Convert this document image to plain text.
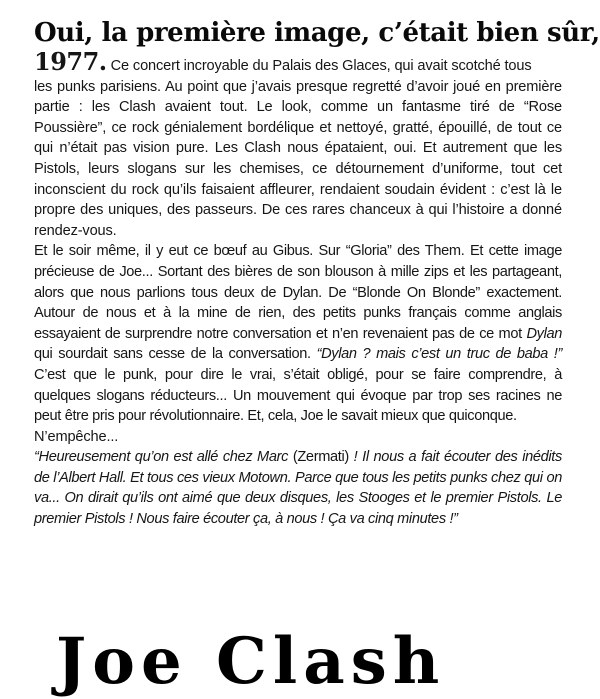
Oui, la première image, c’était bien sûr,

1977. Ce concert incroyable du Palais des Glaces, qui avait scotché tous

les punks parisiens. Au point que j’avais presque regretté d’avoir joué en première partie : les Clash avaient tout. Le look, comme un fantasme tiré de “Rose Poussière”, ce rock génialement bordélique et nettoyé, gratté, épouillé, de tout ce qui n’était pas vision pure. Les Clash nous épataient, oui. Et autrement que les Pistols, leurs slogans sur les chemises, ce détournement d’uniforme, tout cet inconscient du rock qu’ils faisaient affleurer, rendaient soudain évident : c’est là le propre des uniques, des passeurs. De ces rares chanceux à qui l’histoire a donné rendez-vous.

Et le soir même, il y eut ce bœuf au Gibus. Sur “Gloria” des Them. Et cette image précieuse de Joe... Sortant des bières de son blouson à mille zips et les partageant, alors que nous parlions tous deux de Dylan. De “Blonde On Blonde” exactement. Autour de nous et à la mine de rien, des petits punks français comme anglais essayaient de surprendre notre conversation et n’en revenaient pas de ce mot Dylan qui sourdait sans cesse de la conversation. “Dylan ? mais c’est un truc de baba !” C’est que le punk, pour dire le vrai, s’était obligé, pour se faire comprendre, à quelques slogans réducteurs... Un mouvement qui évoque par trop ses racines ne peut être pris pour révolutionnaire. Et, cela, Joe le savait mieux que quiconque.

N’empêche...

“Heureusement qu’on est allé chez Marc (Zermati) ! Il nous a fait écouter des inédits de l’Albert Hall. Et tous ces vieux Motown. Parce que tous les petits punks chez qui on va... On dirait qu’ils ont aimé que deux disques, les Stooges et le premier Pistols. Le premier Pistols ! Nous faire écouter ça, à nous ! Ça va cinq minutes !”

Joe Clash
